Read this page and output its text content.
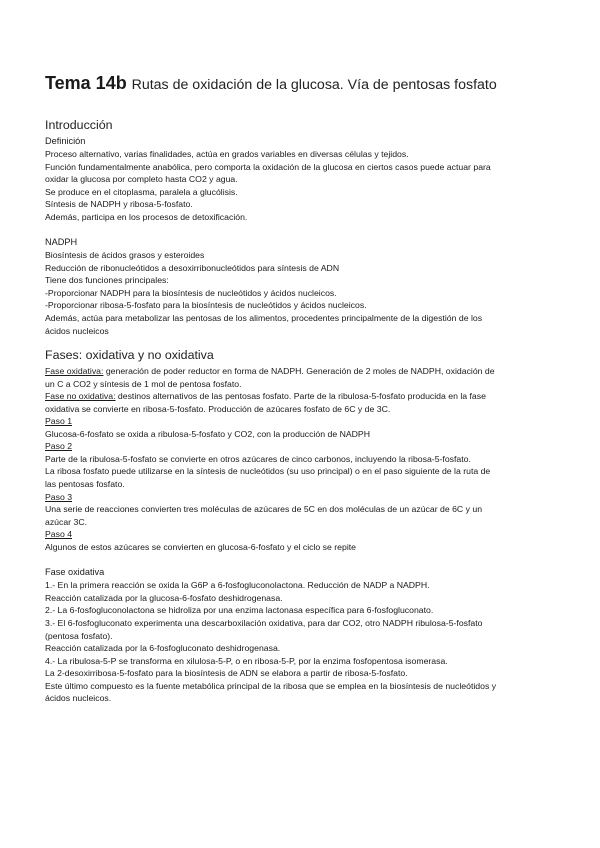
Tema 14b Rutas de oxidación de la glucosa. Vía de pentosas fosfato
Introducción
Definición

Proceso alternativo, varias finalidades, actúa en grados variables en diversas células y tejidos.

Función fundamentalmente anabólica, pero comporta la oxidación de la glucosa en ciertos casos puede actuar para

oxidar la glucosa por completo hasta CO2 y agua.

Se produce en el citoplasma, paralela a glucólisis.

Síntesis de NADPH y ribosa-5-fosfato.

Además, participa en los procesos de detoxificación.

NADPH

Biosíntesis de ácidos grasos y esteroides

Reducción de ribonucleótidos a desoxirribonucleótidos para síntesis de ADN

Tiene dos funciones principales:

-Proporcionar NADPH para la biosíntesis de nucleótidos y ácidos nucleicos.

-Proporcionar ribosa-5-fosfato para la biosíntesis de nucleótidos y ácidos nucleicos.

Además, actúa para metabolizar las pentosas de los alimentos, procedentes principalmente de la digestión de los

ácidos nucleicos

Fases: oxidativa y no oxidativa

Fase oxidativa: generación de poder reductor en forma de NADPH. Generación de 2 moles de NADPH, oxidación de

un C a CO2 y síntesis de 1 mol de pentosa fosfato.

Fase no oxidativa: destinos alternativos de las pentosas fosfato. Parte de la ribulosa-5-fosfato producida en la fase

oxidativa se convierte en ribosa-5-fosfato. Producción de azúcares fosfato de 6C y de 3C.

Paso 1

Glucosa-6-fosfato se oxida a ribulosa-5-fosfato y CO2, con la producción de NADPH

Paso 2

Parte de la ribulosa-5-fosfato se convierte en otros azúcares de cinco carbonos, incluyendo la ribosa-5-fosfato.

La ribosa fosfato puede utilizarse en la síntesis de nucleótidos (su uso principal) o en el paso siguiente de la ruta de

las pentosas fosfato.

Paso 3

Una serie de reacciones convierten tres moléculas de azúcares de 5C en dos moléculas de un azúcar de 6C y un

azúcar 3C.

Paso 4

Algunos de estos azúcares se convierten en glucosa-6-fosfato y el ciclo se repite

Fase oxidativa

1.- En la primera reacción se oxida la G6P a 6-fosfogluconolactona. Reducción de NADP a NADPH.

Reacción catalizada por la glucosa-6-fosfato deshidrogenasa.

2.- La 6-fosfogluconolactona se hidroliza por una enzima lactonasa específica para 6-fosfogluconato.

3.- El 6-fosfogluconato experimenta una descarboxilación oxidativa, para dar CO2, otro NADPH ribulosa-5-fosfato

(pentosa fosfato).

Reacción catalizada por la 6-fosfogluconato deshidrogenasa.

4.- La ribulosa-5-P se transforma en xilulosa-5-P, o en ribosa-5-P, por la enzima fosfopentosa isomerasa.

La 2-desoxirribosa-5-fosfato para la biosíntesis de ADN se elabora a partir de ribosa-5-fosfato.

Este último compuesto es la fuente metabólica principal de la ribosa que se emplea en la biosíntesis de nucleótidos y

ácidos nucleicos.
